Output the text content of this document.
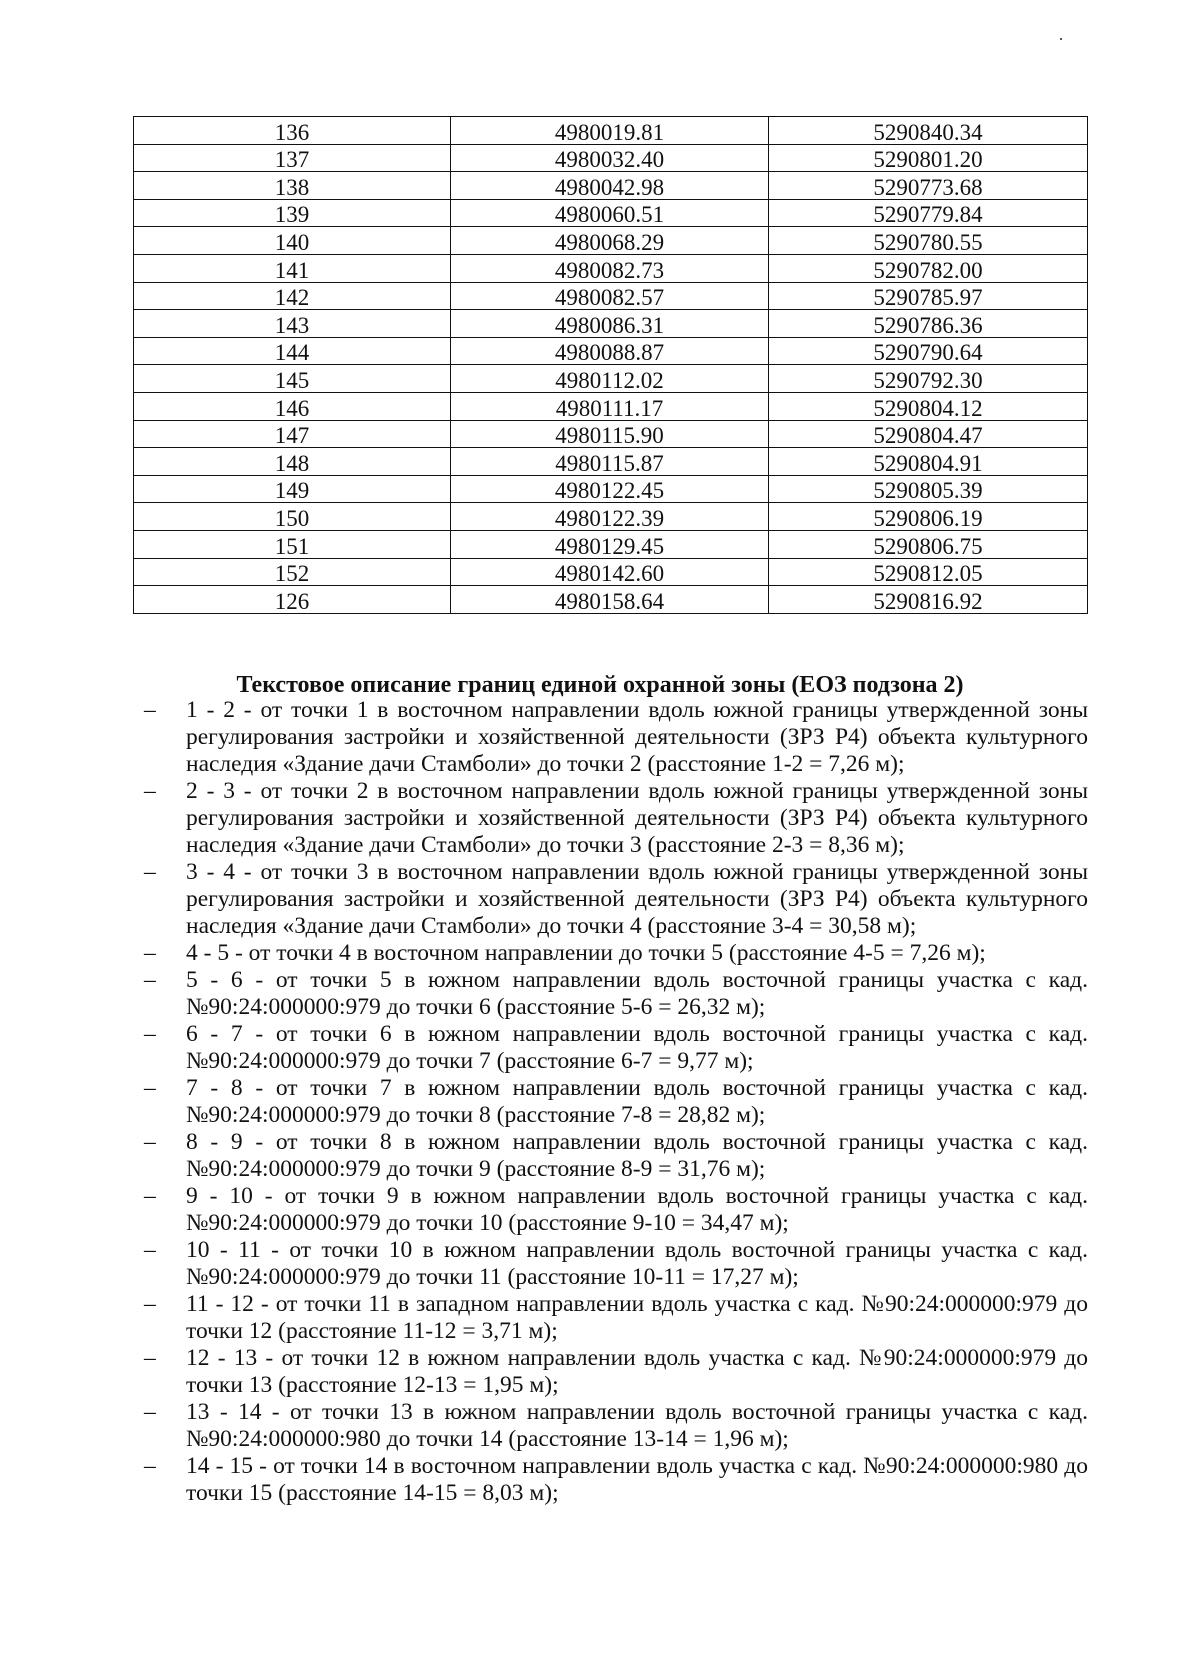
136	4980019.81	5290840.34
137	4980032.40	5290801.20
138	4980042.98	5290773.68
139	4980060.51	5290779.84
140	4980068.29	5290780.55
141	4980082.73	5290782.00
142	4980082.57	5290785.97
143	4980086.31	5290786.36
144	4980088.87	5290790.64
145	4980112.02	5290792.30
146	4980111.17	5290804.12
147	4980115.90	5290804.47
148	4980115.87	5290804.91
149	4980122.45	5290805.39
150	4980122.39	5290806.19
151	4980129.45	5290806.75
152	4980142.60	5290812.05
126	4980158.64	5290816.92
Текстовое описание границ единой охранной зоны (ЕОЗ подзона 2)
– 1 - 2 - от точки 1 в восточном направлении вдоль южной границы утвержденной зоны регулирования застройки и хозяйственной деятельности (ЗРЗ Р4) объекта культурного наследия «Здание дачи Стамболи» до точки 2 (расстояние 1-2 = 7,26 м);
– 2 - 3 - от точки 2 в восточном направлении вдоль южной границы утвержденной зоны регулирования застройки и хозяйственной деятельности (ЗРЗ Р4) объекта культурного наследия «Здание дачи Стамболи» до точки 3 (расстояние 2-3 = 8,36 м);
– 3 - 4 - от точки 3 в восточном направлении вдоль южной границы утвержденной зоны регулирования застройки и хозяйственной деятельности (ЗРЗ Р4) объекта культурного наследия «Здание дачи Стамболи» до точки 4 (расстояние 3-4 = 30,58 м);
– 4 - 5 - от точки 4 в восточном направлении до точки 5 (расстояние 4-5 = 7,26 м);
– 5 - 6 - от точки 5 в южном направлении вдоль восточной границы участка с кад. №90:24:000000:979 до точки 6 (расстояние 5-6 = 26,32 м);
– 6 - 7 - от точки 6 в южном направлении вдоль восточной границы участка с кад. №90:24:000000:979 до точки 7 (расстояние 6-7 = 9,77 м);
– 7 - 8 - от точки 7 в южном направлении вдоль восточной границы участка с кад. №90:24:000000:979 до точки 8 (расстояние 7-8 = 28,82 м);
– 8 - 9 - от точки 8 в южном направлении вдоль восточной границы участка с кад. №90:24:000000:979 до точки 9 (расстояние 8-9 = 31,76 м);
– 9 - 10 - от точки 9 в южном направлении вдоль восточной границы участка с кад. №90:24:000000:979 до точки 10 (расстояние 9-10 = 34,47 м);
– 10 - 11 - от точки 10 в южном направлении вдоль восточной границы участка с кад. №90:24:000000:979 до точки 11 (расстояние 10-11 = 17,27 м);
– 11 - 12 - от точки 11 в западном направлении вдоль участка с кад. №90:24:000000:979 до точки 12 (расстояние 11-12 = 3,71 м);
– 12 - 13 - от точки 12 в южном направлении вдоль участка с кад. №90:24:000000:979 до точки 13 (расстояние 12-13 = 1,95 м);
– 13 - 14 - от точки 13 в южном направлении вдоль восточной границы участка с кад. №90:24:000000:980 до точки 14 (расстояние 13-14 = 1,96 м);
– 14 - 15 - от точки 14 в восточном направлении вдоль участка с кад. №90:24:000000:980 до точки 15 (расстояние 14-15 = 8,03 м);
